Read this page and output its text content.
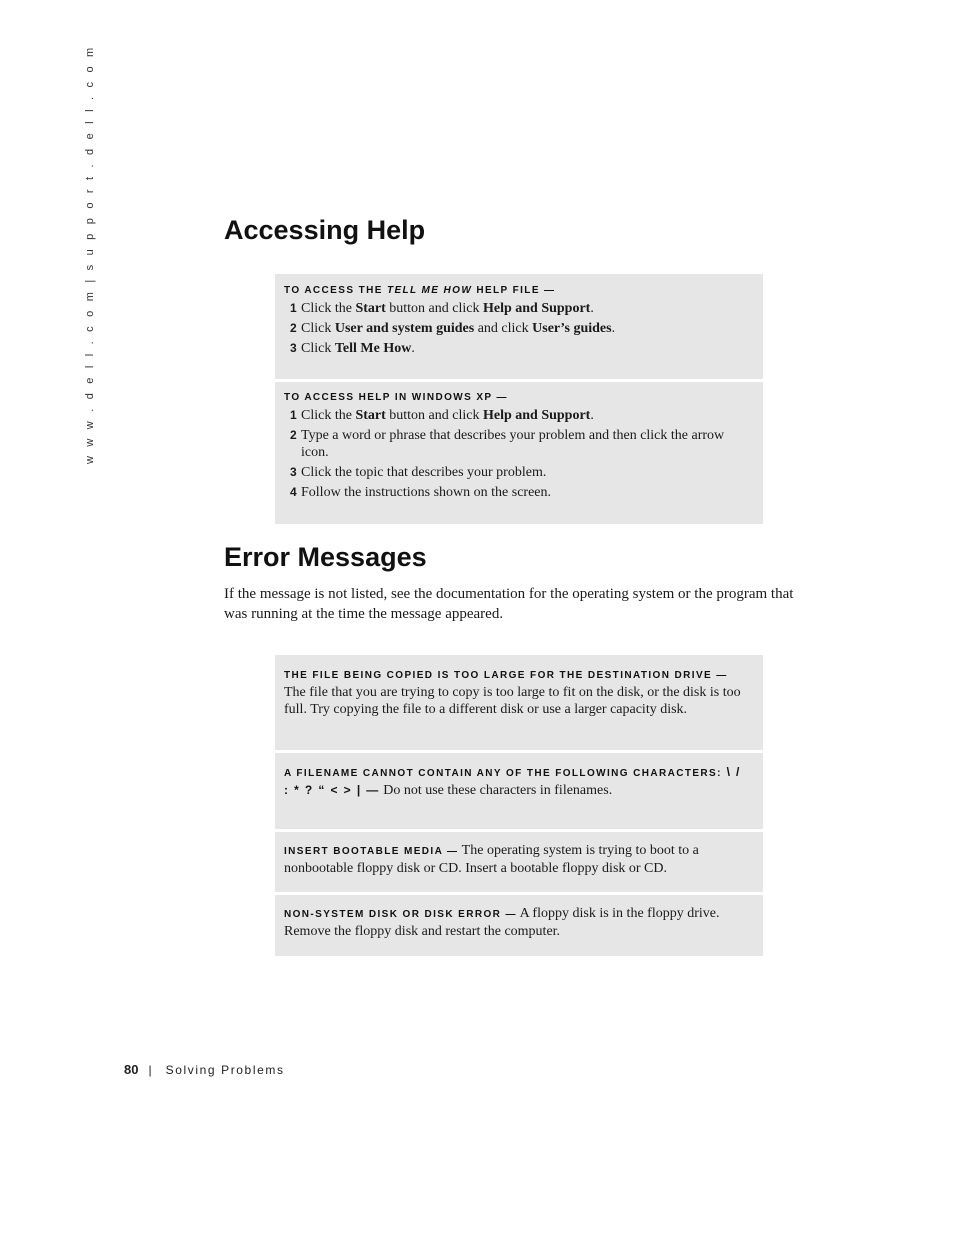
w w w . d e l l . c o m | s u p p o r t . d e l l . c o m	Accessing Help
TO ACCESS THE TELL ME HOW HELP FILE —
1 Click the Start button and click Help and Support.
2 Click User and system guides and click User’s guides.
3 Click Tell Me How.
TO ACCESS HELP IN WINDOWS XP —
1 Click the Start button and click Help and Support.
2 Type a word or phrase that describes your problem and then click the arrow icon.
3 Click the topic that describes your problem.
4 Follow the instructions shown on the screen.
Error Messages

If the message is not listed, see the documentation for the operating system or the program that was running at the time the message appeared.

THE FILE BEING COPIED IS TOO LARGE FOR THE DESTINATION DRIVE — The file that you are trying to copy is too large to fit on the disk, or the disk is too full. Try copying the file to a different disk or use a larger capacity disk.

A FILENAME CANNOT CONTAIN ANY OF THE FOLLOWING CHARACTERS: \ / : * ? “ < > | — Do not use these characters in filenames.

INSERT BOOTABLE MEDIA — The operating system is trying to boot to a nonbootable floppy disk or CD. Insert a bootable floppy disk or CD.

NON-SYSTEM DISK OR DISK ERROR — A floppy disk is in the floppy drive. Remove the floppy disk and restart the computer.

80 | Solving Problems
